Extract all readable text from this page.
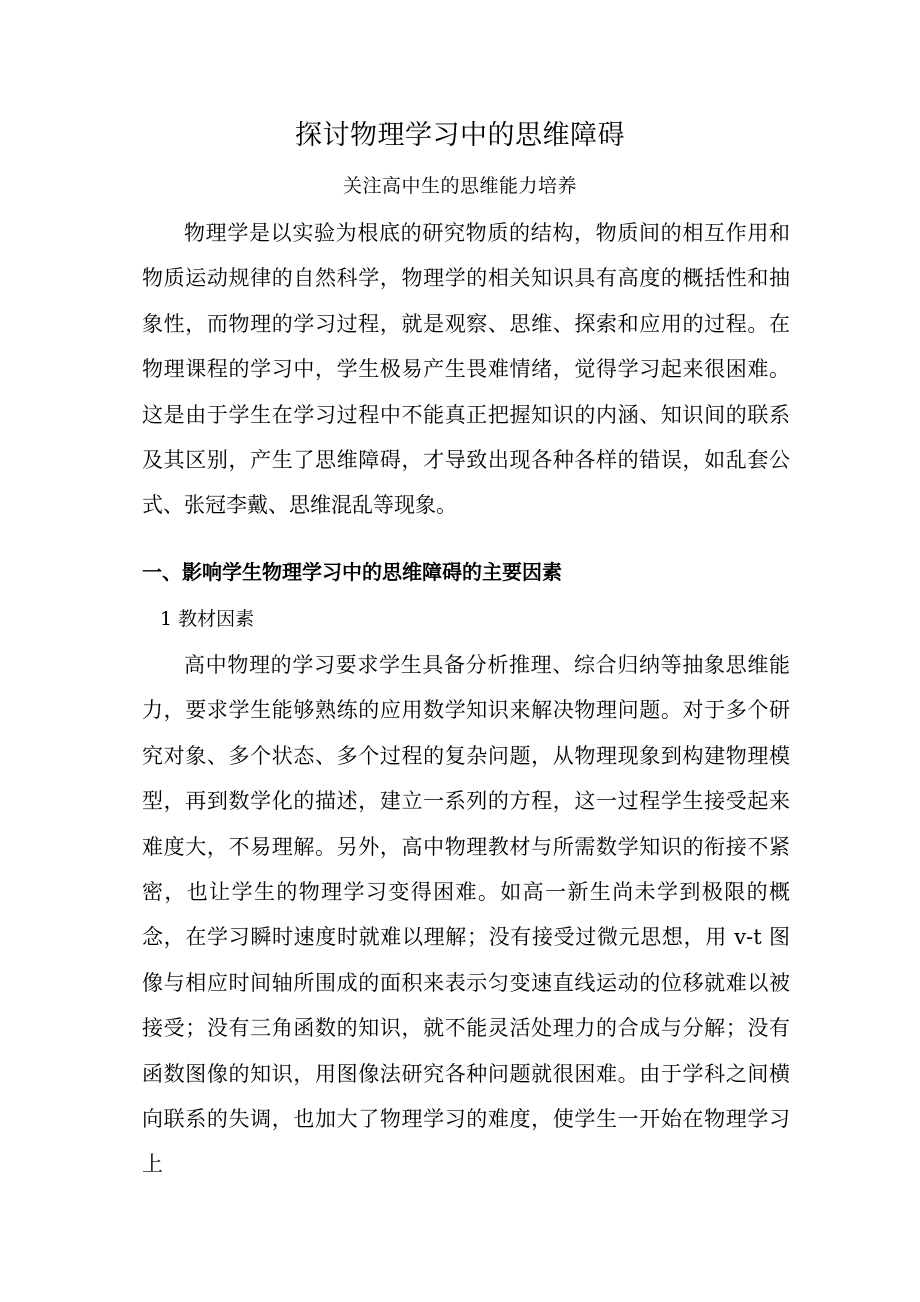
探讨物理学习中的思维障碍
关注高中生的思维能力培养

物理学是以实验为根底的研究物质的结构，物质间的相互作用和物质运动规律的自然科学，物理学的相关知识具有高度的概括性和抽象性，而物理的学习过程，就是观察、思维、探索和应用的过程。在物理课程的学习中，学生极易产生畏难情绪，觉得学习起来很困难。这是由于学生在学习过程中不能真正把握知识的内涵、知识间的联系及其区别，产生了思维障碍，才导致出现各种各样的错误，如乱套公式、张冠李戴、思维混乱等现象。

一、影响学生物理学习中的思维障碍的主要因素
1 教材因素

高中物理的学习要求学生具备分析推理、综合归纳等抽象思维能力，要求学生能够熟练的应用数学知识来解决物理问题。对于多个研究对象、多个状态、多个过程的复杂问题，从物理现象到构建物理模型，再到数学化的描述，建立一系列的方程，这一过程学生接受起来难度大，不易理解。另外，高中物理教材与所需数学知识的衔接不紧密，也让学生的物理学习变得困难。如高一新生尚未学到极限的概念，在学习瞬时速度时就难以理解；没有接受过微元思想，用 v-t 图像与相应时间轴所围成的面积来表示匀变速直线运动的位移就难以被接受；没有三角函数的知识，就不能灵活处理力的合成与分解；没有函数图像的知识，用图像法研究各种问题就很困难。由于学科之间横向联系的失调，也加大了物理学习的难度，使学生一开始在物理学习上
